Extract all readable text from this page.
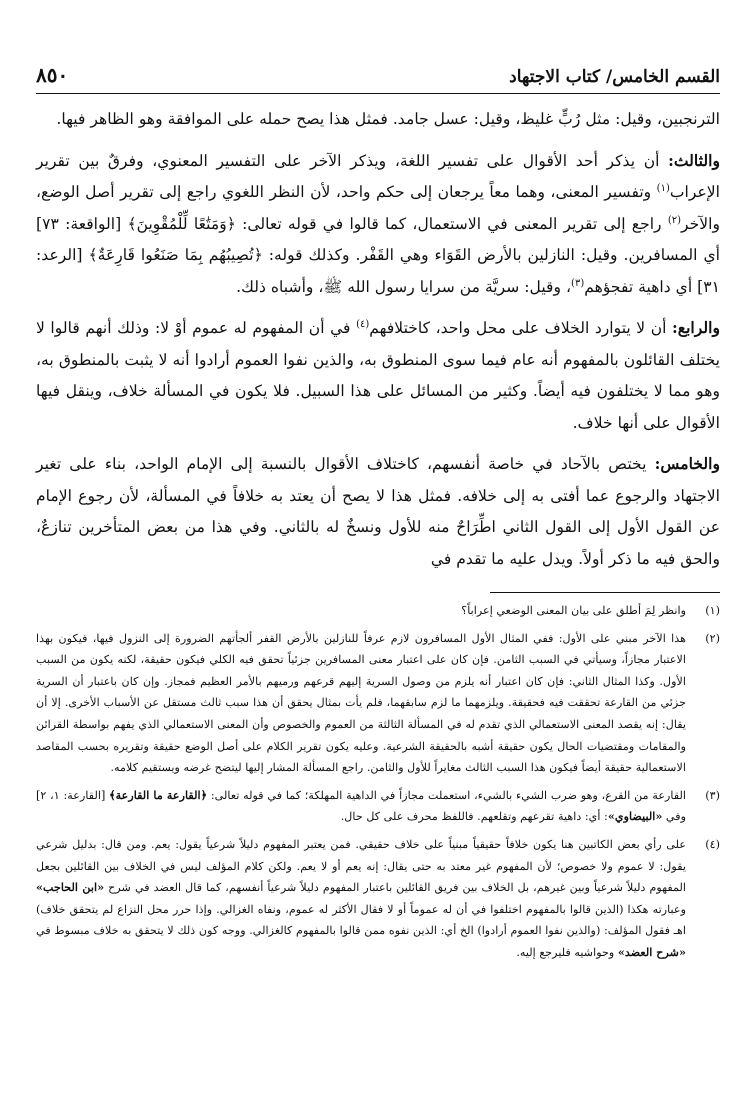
القسم الخامس/ كتاب الاجتهاد
٨٥٠

الترنجبين، وقيل: مثل رُبٍّ غليظ، وقيل: عسل جامد. فمثل هذا يصح حمله على الموافقة وهو الظاهر فيها.

والثالث: أن يذكر أحد الأقوال على تفسير اللغة، ويذكر الآخر على التفسير المعنوي، وفرقٌ بين تقرير الإعراب$^{(١)}$ وتفسير المعنى، وهما معاً يرجعان إلى حكم واحد، لأن النظر اللغوي راجع إلى تقرير أصل الوضع، والآخر$^{(٢)}$ راجع إلى تقرير المعنى في الاستعمال، كما قالوا في قوله تعالى: ﴿وَمَتَٰعًا لِّلْمُقْوِينَ﴾ [الواقعة: ٧٣] أي المسافرين. وقيل: النازلين بالأرض القَوَاء وهي القَفْر. وكذلك قوله: ﴿تُصِيبُهُم بِمَا صَنَعُوا قَارِعَةٌ﴾ [الرعد: ٣١] أي داهية تفجؤهم$^{(٣)}$، وقيل: سريَّة من سرايا رسول الله ﷺ، وأشباه ذلك.

والرابع: أن لا يتوارد الخلاف على محل واحد، كاختلافهم$^{(٤)}$ في أن المفهوم له عموم أوْ لا: وذلك أنهم قالوا لا يختلف القائلون بالمفهوم أنه عام فيما سوى المنطوق به، والذين نفوا العموم أرادوا أنه لا يثبت بالمنطوق به، وهو مما لا يختلفون فيه أيضاً. وكثير من المسائل على هذا السبيل. فلا يكون في المسألة خلاف، وينقل فيها الأقوال على أنها خلاف.

والخامس: يختص بالآحاد في خاصة أنفسهم، كاختلاف الأقوال بالنسبة إلى الإمام الواحد، بناء على تغير الاجتهاد والرجوع عما أفتى به إلى خلافه. فمثل هذا لا يصح أن يعتد به خلافاً في المسألة، لأن رجوع الإمام عن القول الأول إلى القول الثاني اطِّرَاحٌ منه للأول ونسخٌ له بالثاني. وفي هذا من بعض المتأخرين تنازعٌ، والحق فيه ما ذكر أولاً. ويدل عليه ما تقدم في

(١)
وانظر لِمَ أطلق على بيان المعنى الوضعي إعراباً؟
(٢)
هذا الآخر مبني على الأول: ففي المثال الأول المسافرون لازم عرفاً للنازلين بالأرض القفر ألجأتهم الضرورة إلى النزول فيها، فيكون بهذا الاعتبار مجازاً، وسيأتي في السبب الثامن. فإن كان على اعتبار معنى المسافرين جزئياً تحقق فيه الكلي فيكون حقيقة، لكنه يكون من السبب الأول. وكذا المثال الثاني: فإن كان اعتبار أنه يلزم من وصول السرية إليهم قرعهم ورميهم بالأمر العظيم فمجاز. وإن كان باعتبار أن السرية جزئي من القارعة تحققت فيه فحقيقة. ويلزمهما ما لزم سابقهما، فلم يأت بمثال يحقق أن هذا سبب ثالث مستقل عن الأسباب الأخرى. إلا أن يقال: إنه يقصد المعنى الاستعمالي الذي تقدم له في المسألة الثالثة من العموم والخصوص وأن المعنى الاستعمالي الذي يفهم بواسطة القرائن والمقامات ومقتضيات الحال يكون حقيقة أشبه بالحقيقة الشرعية. وعليه يكون تقرير الكلام على أصل الوضع حقيقة وتقريره بحسب المقاصد الاستعمالية حقيقة أيضاً فيكون هذا السبب الثالث مغايراً للأول والثامن. راجع المسألة المشار إليها ليتضح غرضه ويستقيم كلامه.
(٣)
القارعة من القرع، وهو ضرب الشيء بالشيء، استعملت مجازاً في الداهية المهلكة؛ كما في قوله تعالى: ﴿القارعة ما القارعة﴾ [القارعة: ١، ٢] وفي «البيضاوي»: أي: داهية تقرعهم وتقلعهم. فاللفظ محرف على كل حال.
(٤)
على رأي بعض الكاتبين هنا يكون خلافاً حقيقياً مبنياً على خلاف حقيقي. فمن يعتبر المفهوم دليلاً شرعياً يقول: يعم. ومن قال: بدليل شرعي يقول: لا عموم ولا خصوص؛ لأن المفهوم غير معتد به حتى يقال: إنه يعم أو لا يعم. ولكن كلام المؤلف ليس في الخلاف بين القائلين بجعل المفهوم دليلاً شرعياً وبين غيرهم، بل الخلاف بين فريق القائلين باعتبار المفهوم دليلاً شرعياً أنفسهم، كما قال العضد في شرح «ابن الحاجب» وعبارته هكذا (الذين قالوا بالمفهوم اختلفوا في أن له عموماً أو لا فقال الأكثر له عموم، ونفاه الغزالي. وإذا حرر محل النزاع لم يتحقق خلاف) اهـ فقول المؤلف: (والذين نفوا العموم أرادوا) الخ أي: الذين نفوه ممن قالوا بالمفهوم كالغزالي. ووجه كون ذلك لا يتحقق به خلاف مبسوط في «شرح العضد» وحواشيه فليرجع إليه.
